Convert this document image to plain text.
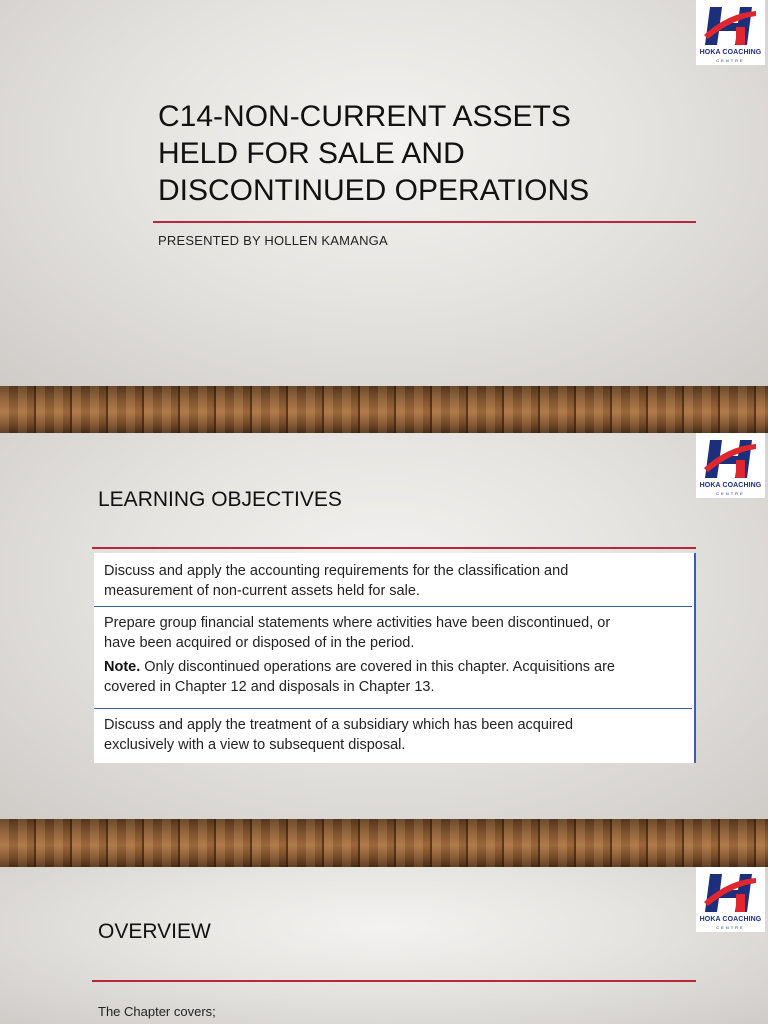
HOKA COACHING
CENTRE
C14-NON-CURRENT ASSETS
HELD FOR SALE AND
DISCONTINUED OPERATIONS
PRESENTED BY HOLLEN KAMANGA
HOKA COACHING
CENTRE
LEARNING OBJECTIVES
Discuss and apply the accounting requirements for the classification and
measurement of non-current assets held for sale.
Prepare group financial statements where activities have been discontinued, or
have been acquired or disposed of in the period.
Note. Only discontinued operations are covered in this chapter. Acquisitions are
covered in Chapter 12 and disposals in Chapter 13.
Discuss and apply the treatment of a subsidiary which has been acquired
exclusively with a view to subsequent disposal.
HOKA COACHING
CENTRE
OVERVIEW
The Chapter covers;
